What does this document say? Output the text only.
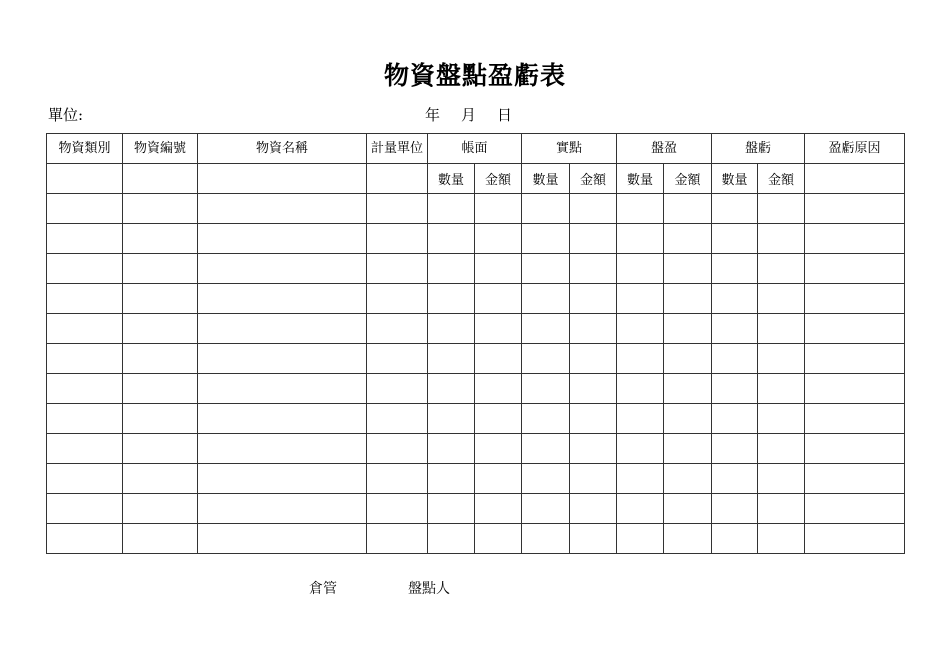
物資盤點盈虧表
單位:	年 月 日
物資類別	物資編號	物資名稱	計量單位	帳面		實點		盤盈		盤虧		盈虧原因
				數量	金額	數量	金額	數量	金額	數量	金額	

倉管	盤點人
